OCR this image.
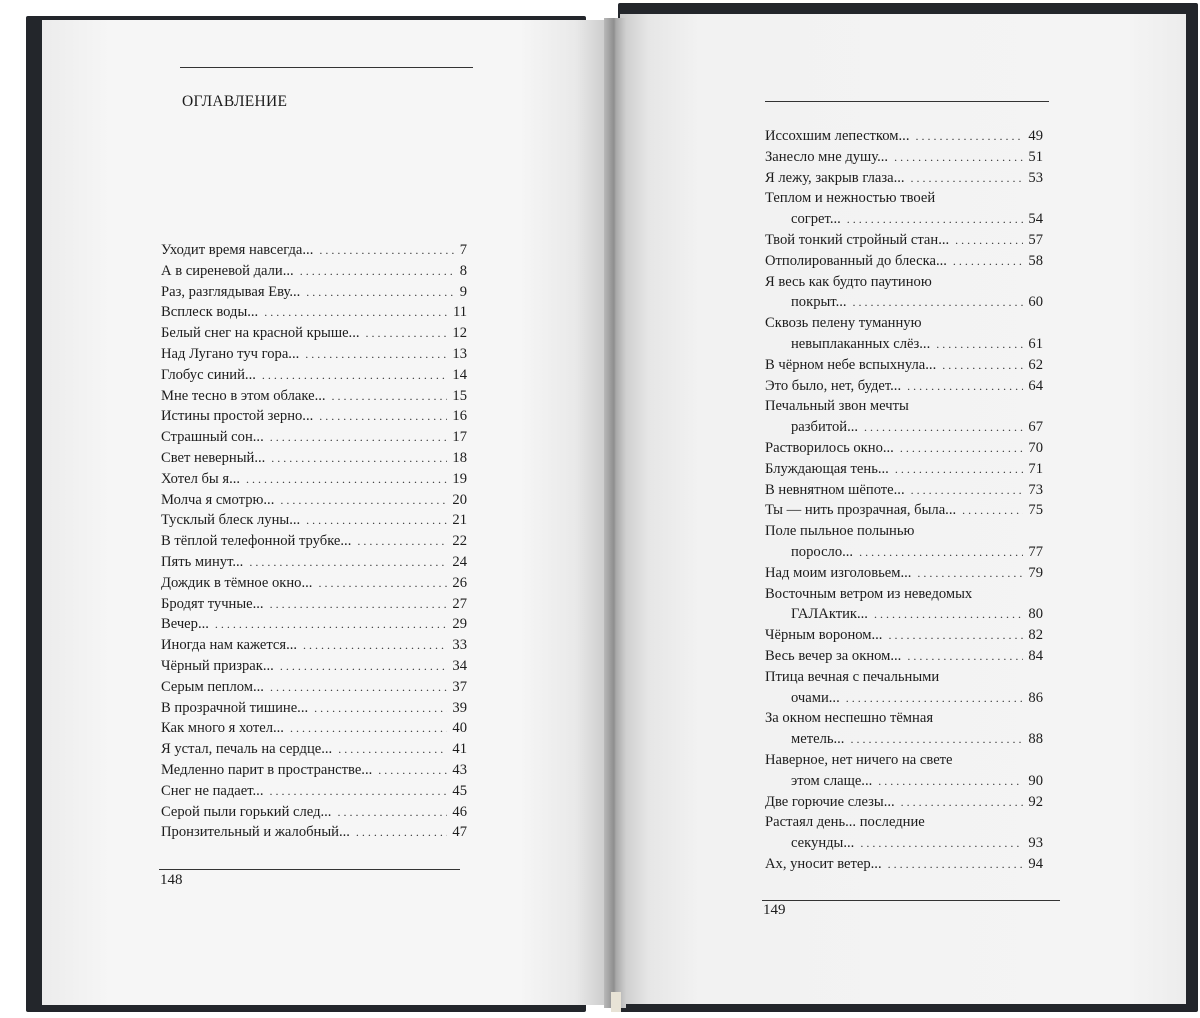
ОГЛАВЛЕНИЕ
Уходит время навсегда... . . .	7
А в сиреневой дали... . . .	8
Раз, разглядывая Еву... . . .	9
Всплеск воды... . . .	11
Белый снег на красной крыше... . . .	12
Над Лугано туч гора... . . .	13
Глобус синий... . . .	14
Мне тесно в этом облаке... . . .	15
Истины простой зерно... . . .	16
Страшный сон... . . .	17
Свет неверный... . . .	18
Хотел бы я... . . .	19
Молча я смотрю... . . .	20
Тусклый блеск луны... . . .	21
В тёплой телефонной трубке... . . .	22
Пять минут... . . .	24
Дождик в тёмное окно... . . .	26
Бродят тучные... . . .	27
Вечер... . . .	29
Иногда нам кажется... . . .	33
Чёрный призрак... . . .	34
Серым пеплом... . . .	37
В прозрачной тишине... . . .	39
Как много я хотел... . . .	40
Я устал, печаль на сердце... . . .	41
Медленно парит в пространстве... . . .	43
Снег не падает... . . .	45
Серой пыли горький след... . . .	46
Пронзительный и жалобный... . . .	47
148
Иссохшим лепестком... . . .	49
Занесло мне душу... . . .	51
Я лежу, закрыв глаза... . . .	53
Теплом и нежностью твоей
согрет... . . .	54
Твой тонкий стройный стан... . . .	57
Отполированный до блеска... . . .	58
Я весь как будто паутиною
покрыт... . . .	60
Сквозь пелену туманную
невыплаканных слёз... . . .	61
В чёрном небе вспыхнула... . . .	62
Это было, нет, будет... . . .	64
Печальный звон мечты
разбитой... . . .	67
Растворилось окно... . . .	70
Блуждающая тень... . . .	71
В невнятном шёпоте... . . .	73
Ты — нить прозрачная, была... . . .	75
Поле пыльное полынью
поросло... . . .	77
Над моим изголовьем... . . .	79
Восточным ветром из неведомых
ГАЛАктик... . . .	80
Чёрным вороном... . . .	82
Весь вечер за окном... . . .	84
Птица вечная с печальными
очами... . . .	86
За окном неспешно тёмная
метель... . . .	88
Наверное, нет ничего на свете
этом слаще... . . .	90
Две горючие слезы... . . .	92
Растаял день... последние
секунды... . . .	93
Ах, уносит ветер... . . .	94
149
